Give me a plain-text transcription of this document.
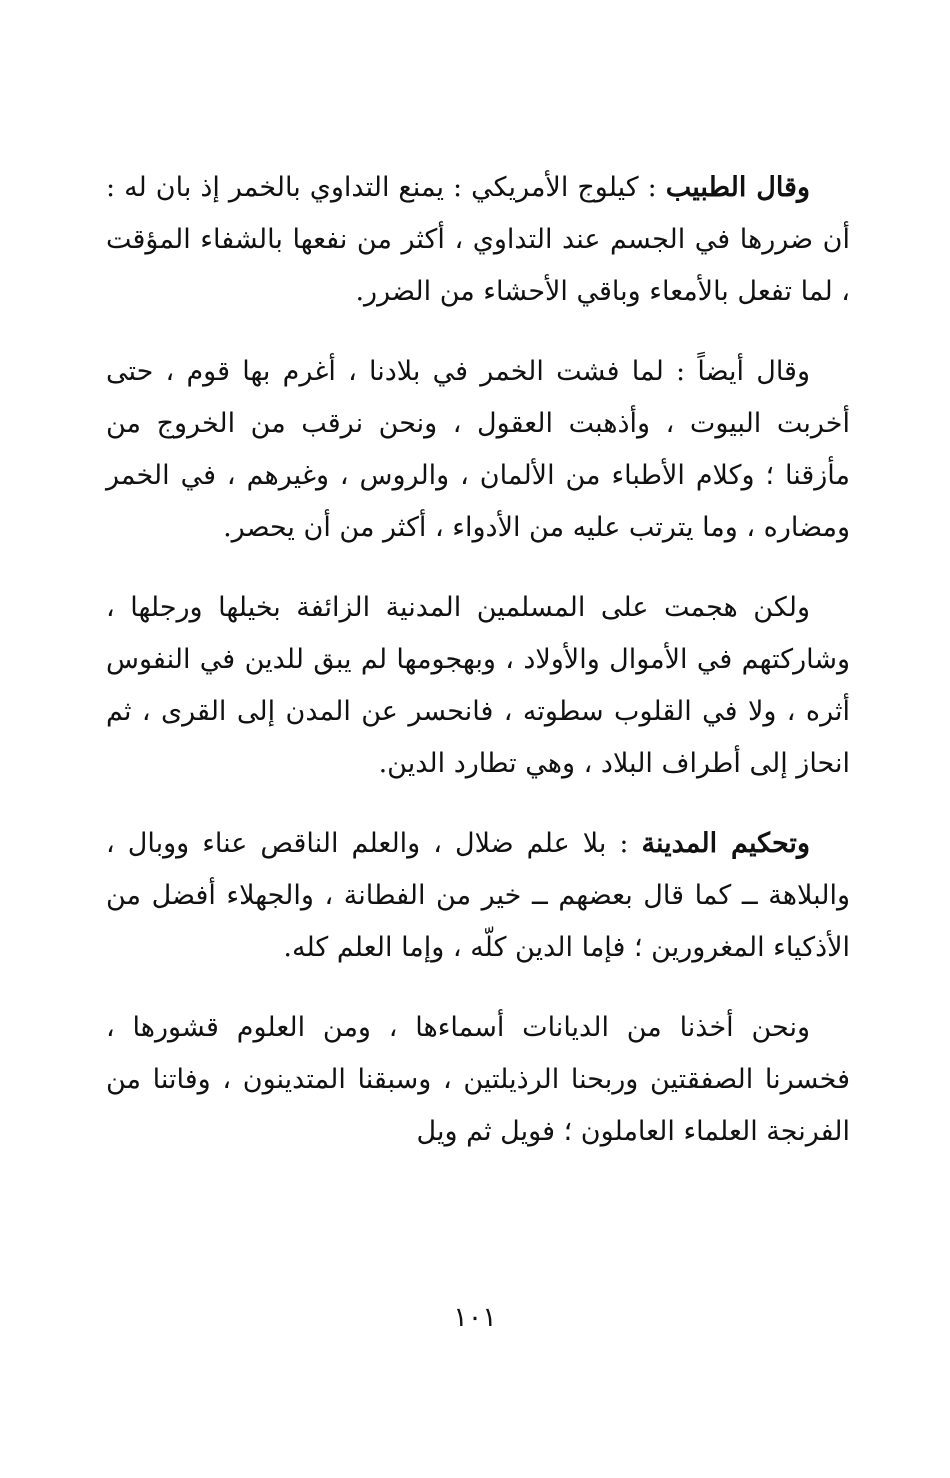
وقال الطبيب : كيلوج الأمريكي : يمنع التداوي بالخمر إذ بان له : أن ضررها في الجسم عند التداوي ، أكثر من نفعها بالشفاء المؤقت ، لما تفعل بالأمعاء وباقي الأحشاء من الضرر.

وقال أيضاً : لما فشت الخمر في بلادنا ، أغرم بها قوم ، حتى أخربت البيوت ، وأذهبت العقول ، ونحن نرقب من الخروج من مأزقنا ؛ وكلام الأطباء من الألمان ، والروس ، وغيرهم ، في الخمر ومضاره ، وما يترتب عليه من الأدواء ، أكثر من أن يحصر.

ولكن هجمت على المسلمين المدنية الزائفة بخيلها ورجلها ، وشاركتهم في الأموال والأولاد ، وبهجومها لم يبق للدين في النفوس أثره ، ولا في القلوب سطوته ، فانحسر عن المدن إلى القرى ، ثم انحاز إلى أطراف البلاد ، وهي تطارد الدين.

وتحكيم المدينة : بلا علم ضلال ، والعلم الناقص عناء ووبال ، والبلاهة ــ كما قال بعضهم ــ خير من الفطانة ، والجهلاء أفضل من الأذكياء المغرورين ؛ فإما الدين كلّه ، وإما العلم كله.

ونحن أخذنا من الديانات أسماءها ، ومن العلوم قشورها ، فخسرنا الصفقتين وربحنا الرذيلتين ، وسبقنا المتدينون ، وفاتنا من الفرنجة العلماء العاملون ؛ فويل ثم ويل

١٠١
